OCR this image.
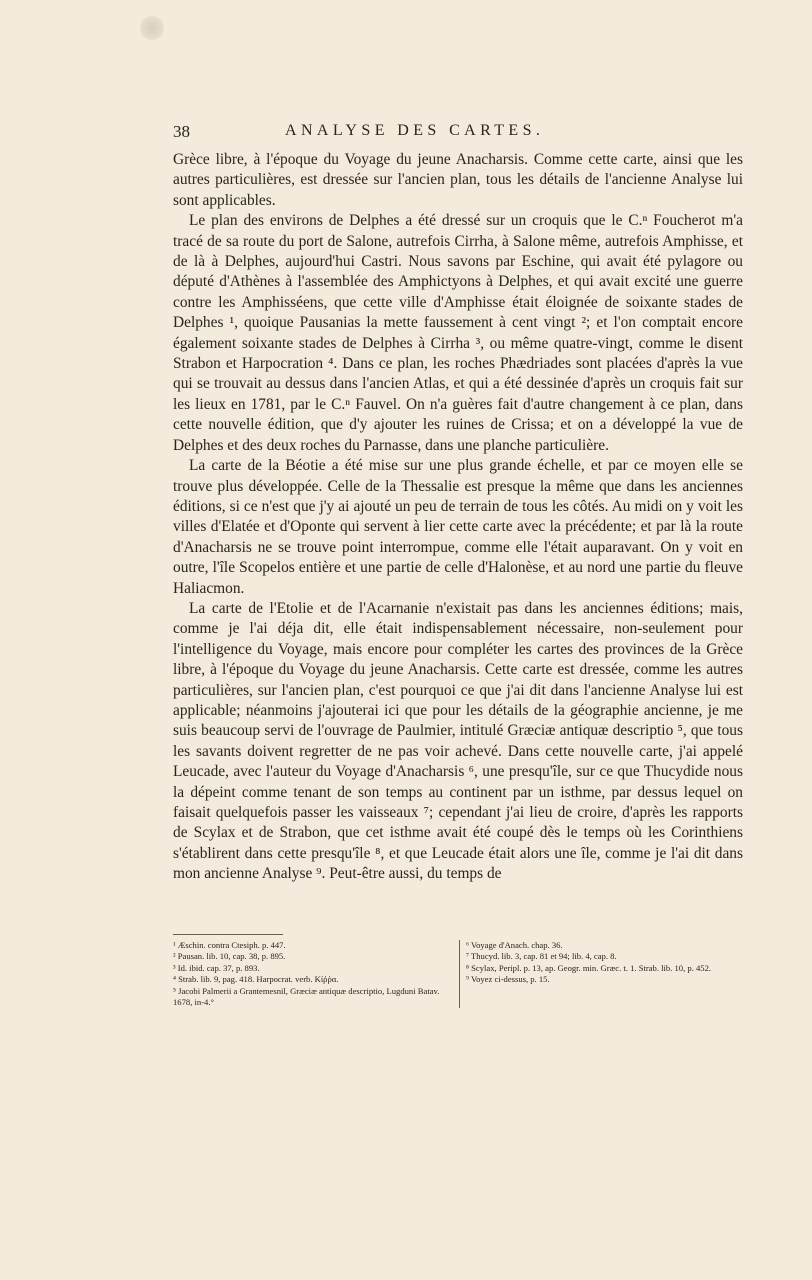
38	ANALYSE DES CARTES.

Grèce libre, à l'époque du Voyage du jeune Anacharsis. Comme cette carte, ainsi que les autres particulières, est dressée sur l'ancien plan, tous les détails de l'ancienne Analyse lui sont applicables.

Le plan des environs de Delphes a été dressé sur un croquis que le C.ⁿ Foucherot m'a tracé de sa route du port de Salone, autrefois Cirrha, à Salone même, autrefois Amphisse, et de là à Delphes, aujourd'hui Castri. Nous savons par Eschine, qui avait été pylagore ou député d'Athènes à l'assemblée des Amphictyons à Delphes, et qui avait excité une guerre contre les Amphisséens, que cette ville d'Amphisse était éloignée de soixante stades de Delphes ¹, quoique Pausanias la mette faussement à cent vingt ²; et l'on comptait encore également soixante stades de Delphes à Cirrha ³, ou même quatre-vingt, comme le disent Strabon et Harpocration ⁴. Dans ce plan, les roches Phædriades sont placées d'après la vue qui se trouvait au dessus dans l'ancien Atlas, et qui a été dessinée d'après un croquis fait sur les lieux en 1781, par le C.ⁿ Fauvel. On n'a guères fait d'autre changement à ce plan, dans cette nouvelle édition, que d'y ajouter les ruines de Crissa; et on a développé la vue de Delphes et des deux roches du Parnasse, dans une planche particulière.

La carte de la Béotie a été mise sur une plus grande échelle, et par ce moyen elle se trouve plus développée. Celle de la Thessalie est presque la même que dans les anciennes éditions, si ce n'est que j'y ai ajouté un peu de terrain de tous les côtés. Au midi on y voit les villes d'Elatée et d'Oponte qui servent à lier cette carte avec la précédente; et par là la route d'Anacharsis ne se trouve point interrompue, comme elle l'était auparavant. On y voit en outre, l'île Scopelos entière et une partie de celle d'Halonèse, et au nord une partie du fleuve Haliacmon.

La carte de l'Etolie et de l'Acarnanie n'existait pas dans les anciennes éditions; mais, comme je l'ai déja dit, elle était indispensablement nécessaire, non-seulement pour l'intelligence du Voyage, mais encore pour compléter les cartes des provinces de la Grèce libre, à l'époque du Voyage du jeune Anacharsis. Cette carte est dressée, comme les autres particulières, sur l'ancien plan, c'est pourquoi ce que j'ai dit dans l'ancienne Analyse lui est applicable; néanmoins j'ajouterai ici que pour les détails de la géographie ancienne, je me suis beaucoup servi de l'ouvrage de Paulmier, intitulé Græciæ antiquæ descriptio ⁵, que tous les savants doivent regretter de ne pas voir achevé. Dans cette nouvelle carte, j'ai appelé Leucade, avec l'auteur du Voyage d'Anacharsis ⁶, une presqu'île, sur ce que Thucydide nous la dépeint comme tenant de son temps au continent par un isthme, par dessus lequel on faisait quelquefois passer les vaisseaux ⁷; cependant j'ai lieu de croire, d'après les rapports de Scylax et de Strabon, que cet isthme avait été coupé dès le temps où les Corinthiens s'établirent dans cette presqu'île ⁸, et que Leucade était alors une île, comme je l'ai dit dans mon ancienne Analyse ⁹. Peut-être aussi, du temps de

¹ Æschin. contra Ctesiph. p. 447.

² Pausan. lib. 10, cap. 38, p. 895.

³ Id. ibid. cap. 37, p. 893.

⁴ Strab. lib. 9, pag. 418. Harpocrat. verb. Κίῤῥα.

⁵ Jacobi Palmerii a Grantemesnil, Græciæ antiquæ descriptio, Lugduni Batav. 1678, in-4.°

⁶ Voyage d'Anach. chap. 36.

⁷ Thucyd. lib. 3, cap. 81 et 94; lib. 4, cap. 8.

⁸ Scylax, Peripl. p. 13, ap. Geogr. min. Græc. t. 1. Strab. lib. 10, p. 452.

⁹ Voyez ci-dessus, p. 15.
